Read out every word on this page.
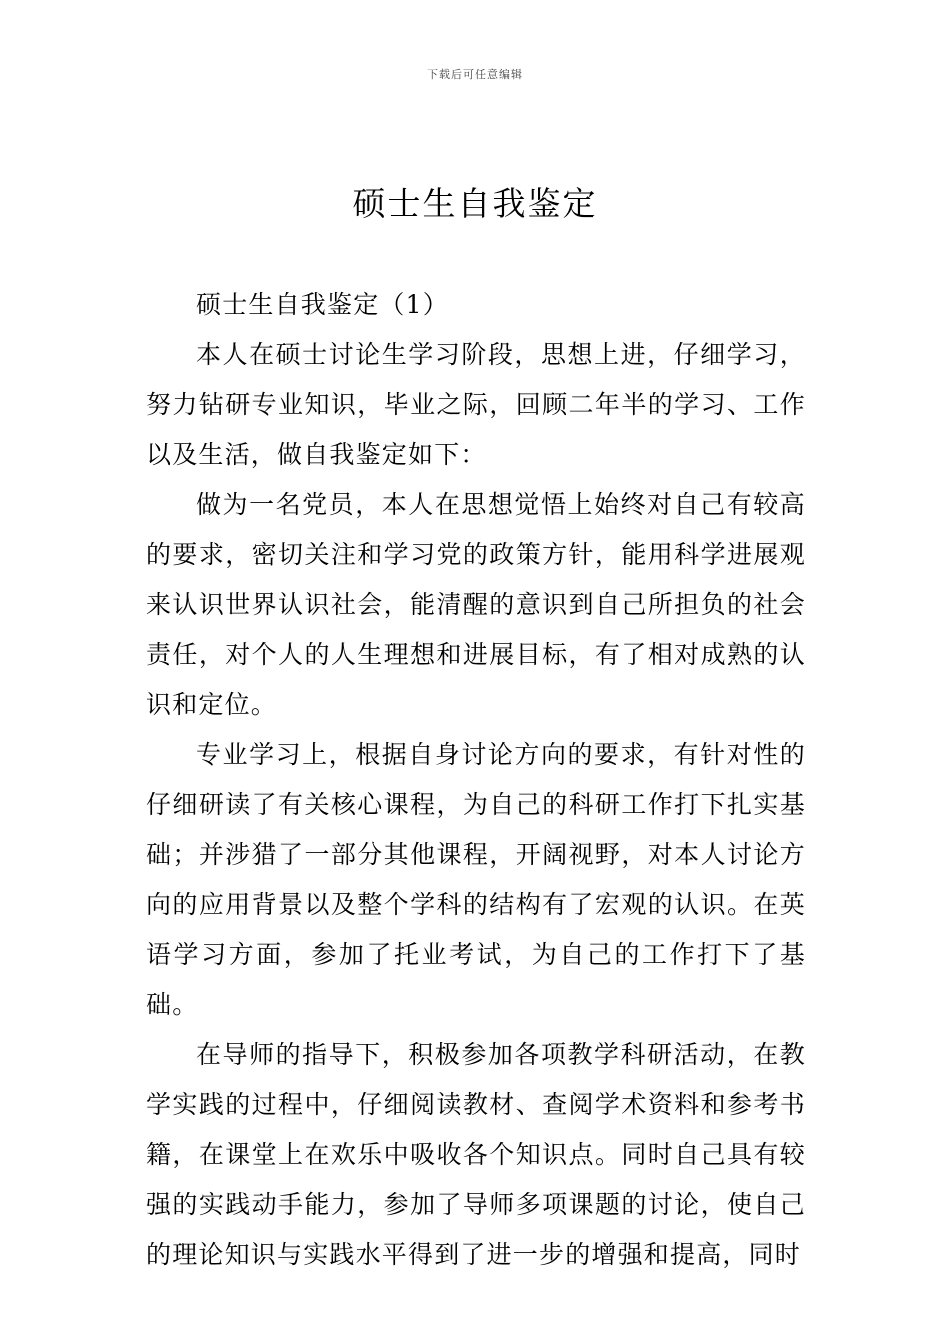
下载后可任意编辑
硕士生自我鉴定

硕士生自我鉴定（1）

本人在硕士讨论生学习阶段，思想上进，仔细学习，努力钻研专业知识，毕业之际，回顾二年半的学习、工作以及生活，做自我鉴定如下：

做为一名党员，本人在思想觉悟上始终对自己有较高的要求，密切关注和学习党的政策方针，能用科学进展观来认识世界认识社会，能清醒的意识到自己所担负的社会责任，对个人的人生理想和进展目标，有了相对成熟的认识和定位。

专业学习上，根据自身讨论方向的要求，有针对性的仔细研读了有关核心课程，为自己的科研工作打下扎实基础；并涉猎了一部分其他课程，开阔视野，对本人讨论方向的应用背景以及整个学科的结构有了宏观的认识。在英语学习方面，参加了托业考试，为自己的工作打下了基础。

在导师的指导下，积极参加各项教学科研活动，在教学实践的过程中，仔细阅读教材、查阅学术资料和参考书籍，在课堂上在欢乐中吸收各个知识点。同时自己具有较强的实践动手能力，参加了导师多项课题的讨论，使自己的理论知识与实践水平得到了进一步的增强和提高，同时
